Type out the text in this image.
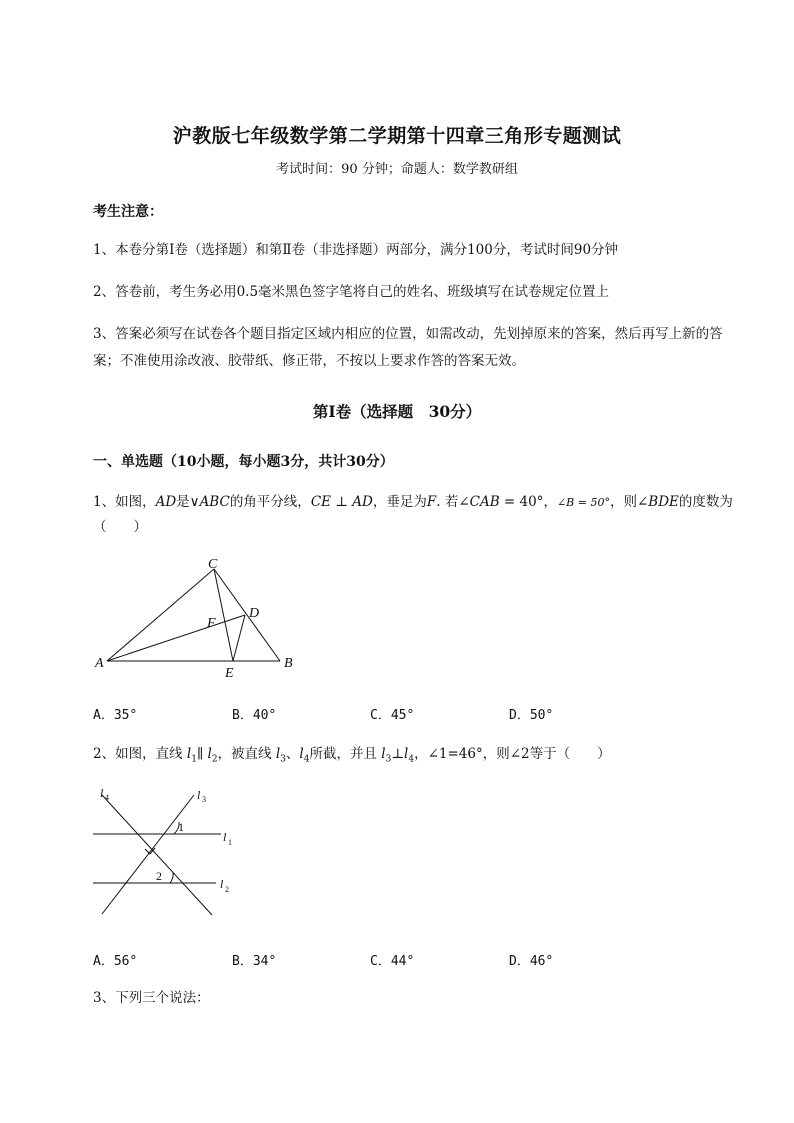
沪教版七年级数学第二学期第十四章三角形专题测试
考试时间：90 分钟；命题人：数学教研组
考生注意：
1、本卷分第Ⅰ卷（选择题）和第Ⅱ卷（非选择题）两部分，满分100分，考试时间90分钟
2、答卷前，考生务必用0.5毫米黑色签字笔将自己的姓名、班级填写在试卷规定位置上
3、答案必须写在试卷各个题目指定区域内相应的位置，如需改动，先划掉原来的答案，然后再写上新的答案；不准使用涂改液、胶带纸、修正带，不按以上要求作答的答案无效。
第Ⅰ卷（选择题　30分）
一、单选题（10小题，每小题3分，共计30分）
1、如图，AD是∨ABC的角平分线，CE ⊥ AD，垂足为F. 若∠CAB = 40°，∠B = 50°，则∠BDE的度数为（　　）
C
D
F
A	B
E
A．35°	B．40°	C．45°	D．50°
2、如图，直线 $l_1\parallel$ $l_2$，被直线 $l_3$、$l_4$所截，并且 $l_3\perp l_4$，∠1=46°，则∠2等于（　　）
l 4	l 3
l 1
l 2
1
2
A．56°	B．34°	C．44°	D．46°
3、下列三个说法：
